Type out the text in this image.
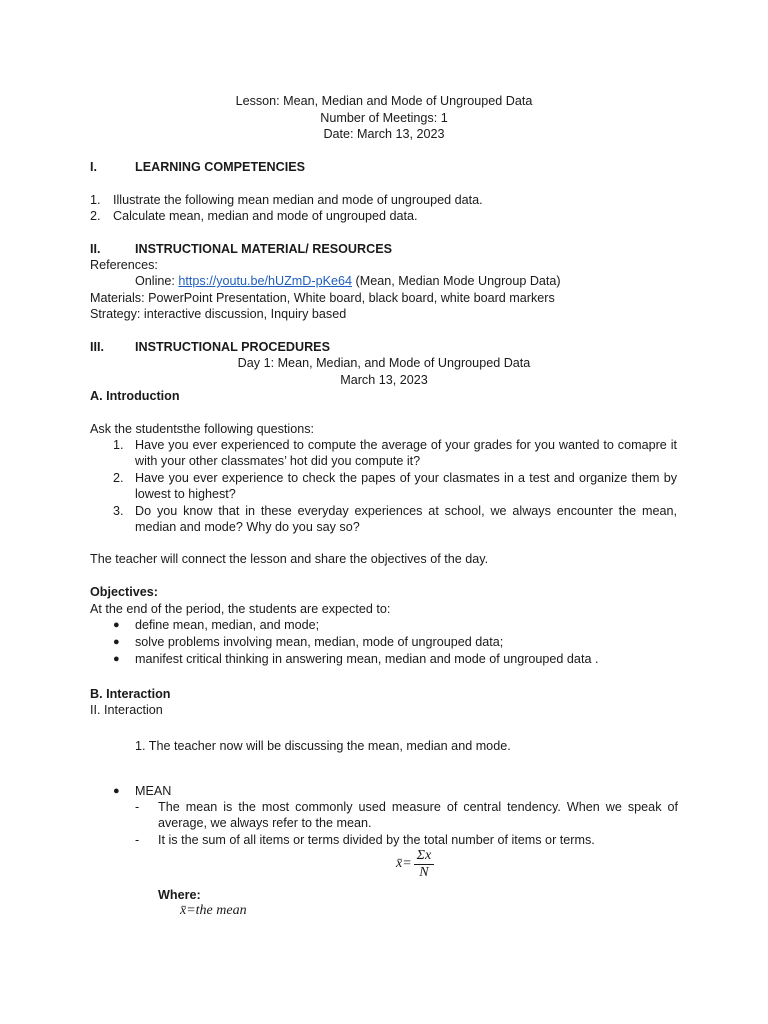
Lesson: Mean, Median and Mode of Ungrouped Data
Number of Meetings: 1
Date: March 13, 2023
I.	LEARNING COMPETENCIES
1. Illustrate the following mean median and mode of ungrouped data.
2. Calculate mean, median and mode of ungrouped data.
II.	INSTRUCTIONAL MATERIAL/ RESOURCES
References:
Online: https://youtu.be/hUZmD-pKe64 (Mean, Median Mode Ungroup Data)
Materials: PowerPoint Presentation, White board, black board, white board markers
Strategy: interactive discussion, Inquiry based
III. INSTRUCTIONAL PROCEDURES
Day 1: Mean, Median, and Mode of Ungrouped Data
March 13, 2023
A. Introduction
Ask the studentsthe following questions:
1. Have you ever experienced to compute the average of your grades for you wanted to comapre it with your other classmates’ hot did you compute it?
2. Have you ever experience to check the papes of your clasmates in a test and organize them by lowest to highest?
3. Do you know that in these everyday experiences at school, we always encounter the mean, median and mode? Why do you say so?
The teacher will connect the lesson and share the objectives of the day.
Objectives:
At the end of the period, the students are expected to:
● define mean, median, and mode;
● solve problems involving mean, median, mode of ungrouped data;
● manifest critical thinking in answering mean, median and mode of ungrouped data .
B. Interaction
II. Interaction
1. The teacher now will be discussing the mean, median and mode.
● MEAN
- The mean is the most commonly used measure of central tendency. When we speak of average, we always refer to the mean.
- It is the sum of all items or terms divided by the total number of items or terms.
x̄= $\frac{\Sigma x}{N}$
Where:
x̄=the mean
